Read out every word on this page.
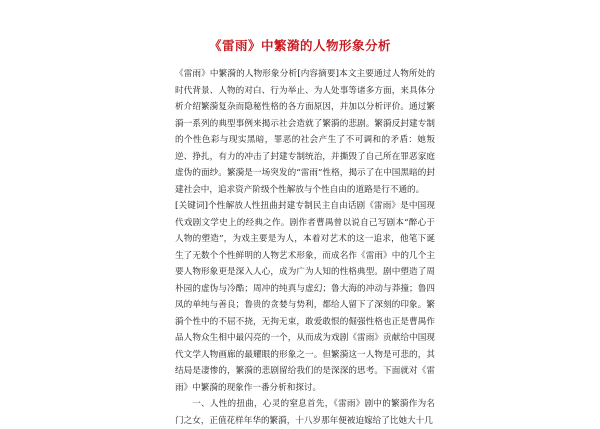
《雷雨》中繁漪的人物形象分析

《雷雨》中繁漪的人物形象分析[内容摘要]本文主要通过人物所处的时代背景、人物的对白、行为举止、为人处事等诸多方面，来具体分析介绍繁漪复杂而隐秘性格的各方面原因，并加以分析评价。通过繁漪一系列的典型事例来揭示社会造就了繁漪的悲剧。繁漪反封建专制的个性色彩与现实黑暗，罪恶的社会产生了不可调和的矛盾：她叛逆、挣扎，有力的冲击了封建专制统治，并撕毁了自己所在罪恶家庭虚伪的面纱。繁漪是一场突发的“雷雨”性格，揭示了在中国黑暗的封建社会中，追求资产阶级个性解放与个性自由的道路是行不通的。

[关键词]个性解放人性扭曲封建专制民主自由话剧《雷雨》是中国现代戏剧文学史上的经典之作。剧作者曹禺曾以说自己写剧本“醉心于人物的塑造”，为戏主要是为人，本着对艺术的这一追求，他笔下诞生了无数个个性鲜明的人物艺术形象，而成名作《雷雨》中的几个主要人物形象更是深入人心，成为广为人知的性格典型。剧中塑造了周朴园的虚伪与冷酷；周冲的纯真与虚幻；鲁大海的冲动与莽撞；鲁四凤的单纯与善良；鲁贵的贪婪与势利，都给人留下了深刻的印象。繁漪个性中的不屈不挠，无拘无束，敢爱敢恨的倔强性格也正是曹禺作品人物众生相中最闪亮的一个，从而成为戏剧《雷雨》贡献给中国现代文学人物画廊的最耀眼的形象之一。但繁漪这一人物是可悲的，其结局是凄惨的，繁漪的悲剧留给我们的是深深的思考。下面就对《雷雨》中繁漪的现象作一番分析和探讨。

一、人性的扭曲，心灵的窒息首先，《雷雨》剧中的繁漪作为名门之女，正值花样年华的繁漪，十八岁那年便被迫嫁给了比她大十几
